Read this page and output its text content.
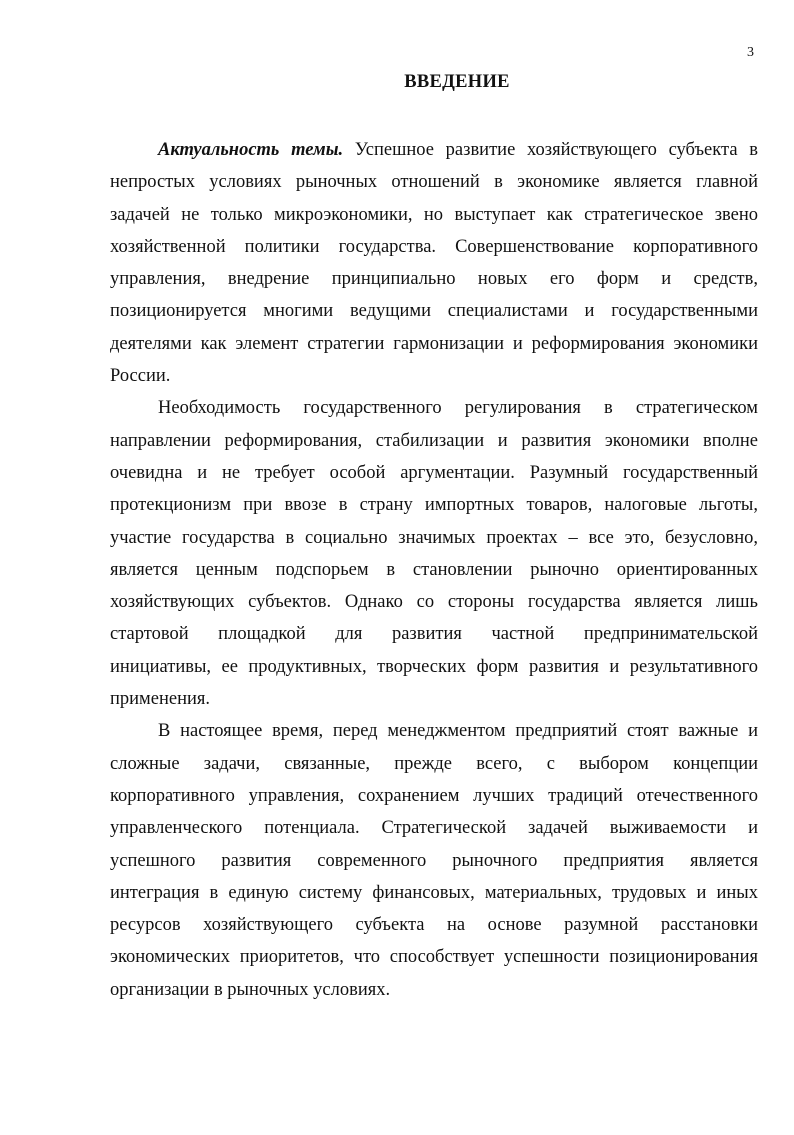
3
ВВЕДЕНИЕ
Актуальность темы. Успешное развитие хозяйствующего субъекта в
непростых условиях рыночных отношений в экономике является главной
задачей не только микроэкономики, но выступает как стратегическое звено
хозяйственной политики государства. Совершенствование корпоративного
управления, внедрение принципиально новых его форм и средств,
позиционируется многими ведущими специалистами и государственными
деятелями как элемент стратегии гармонизации и реформирования экономики
России.
Необходимость государственного регулирования в стратегическом
направлении реформирования, стабилизации и развития экономики вполне
очевидна и не требует особой аргументации. Разумный государственный
протекционизм при ввозе в страну импортных товаров, налоговые льготы,
участие государства в социально значимых проектах – все это, безусловно,
является ценным подспорьем в становлении рыночно ориентированных
хозяйствующих субъектов. Однако со стороны государства является лишь
стартовой площадкой для развития частной предпринимательской
инициативы, ее продуктивных, творческих форм развития и результативного
применения.
В настоящее время, перед менеджментом предприятий стоят важные и
сложные задачи, связанные, прежде всего, с выбором концепции
корпоративного управления, сохранением лучших традиций отечественного
управленческого потенциала. Стратегической задачей выживаемости и
успешного развития современного рыночного предприятия является
интеграция в единую систему финансовых, материальных, трудовых и иных
ресурсов хозяйствующего субъекта на основе разумной расстановки
экономических приоритетов, что способствует успешности позиционирования
организации в рыночных условиях.
